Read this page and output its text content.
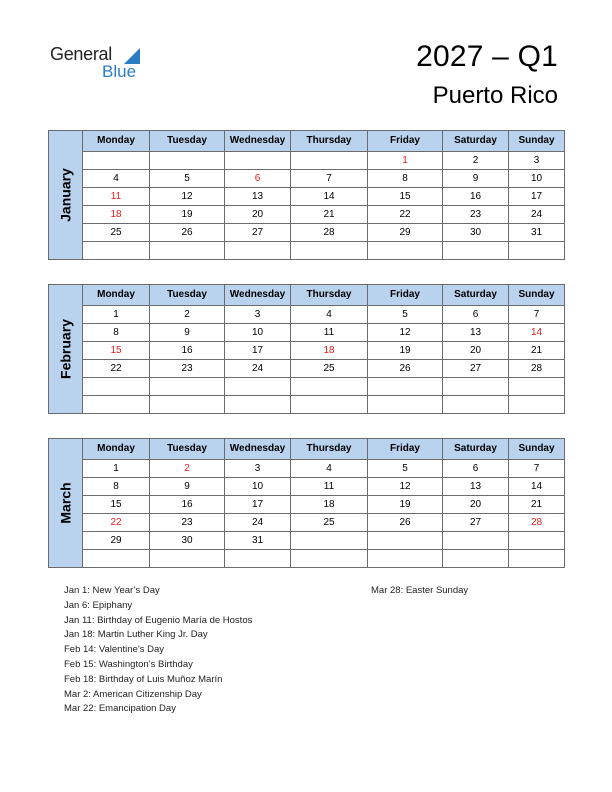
General
Blue	2027 – Q1
Puerto Rico
January	Monday	Tuesday	Wednesday	Thursday	Friday	Saturday	Sunday
					1	2	3
	4	5	6	7	8	9	10
	11	12	13	14	15	16	17
	18	19	20	21	22	23	24
	25	26	27	28	29	30	31

February	Monday	Tuesday	Wednesday	Thursday	Friday	Saturday	Sunday
	1	2	3	4	5	6	7
	8	9	10	11	12	13	14
	15	16	17	18	19	20	21
	22	23	24	25	26	27	28

March	Monday	Tuesday	Wednesday	Thursday	Friday	Saturday	Sunday
	1	2	3	4	5	6	7
	8	9	10	11	12	13	14
	15	16	17	18	19	20	21
	22	23	24	25	26	27	28
	29	30	31				

Jan 1: New Year’s Day
Jan 6: Epiphany
Jan 11: Birthday of Eugenio María de Hostos
Jan 18: Martin Luther King Jr. Day
Feb 14: Valentine’s Day
Feb 15: Washington’s Birthday
Feb 18: Birthday of Luis Muñoz Marín
Mar 2: American Citizenship Day
Mar 22: Emancipation Day
Mar 28: Easter Sunday
